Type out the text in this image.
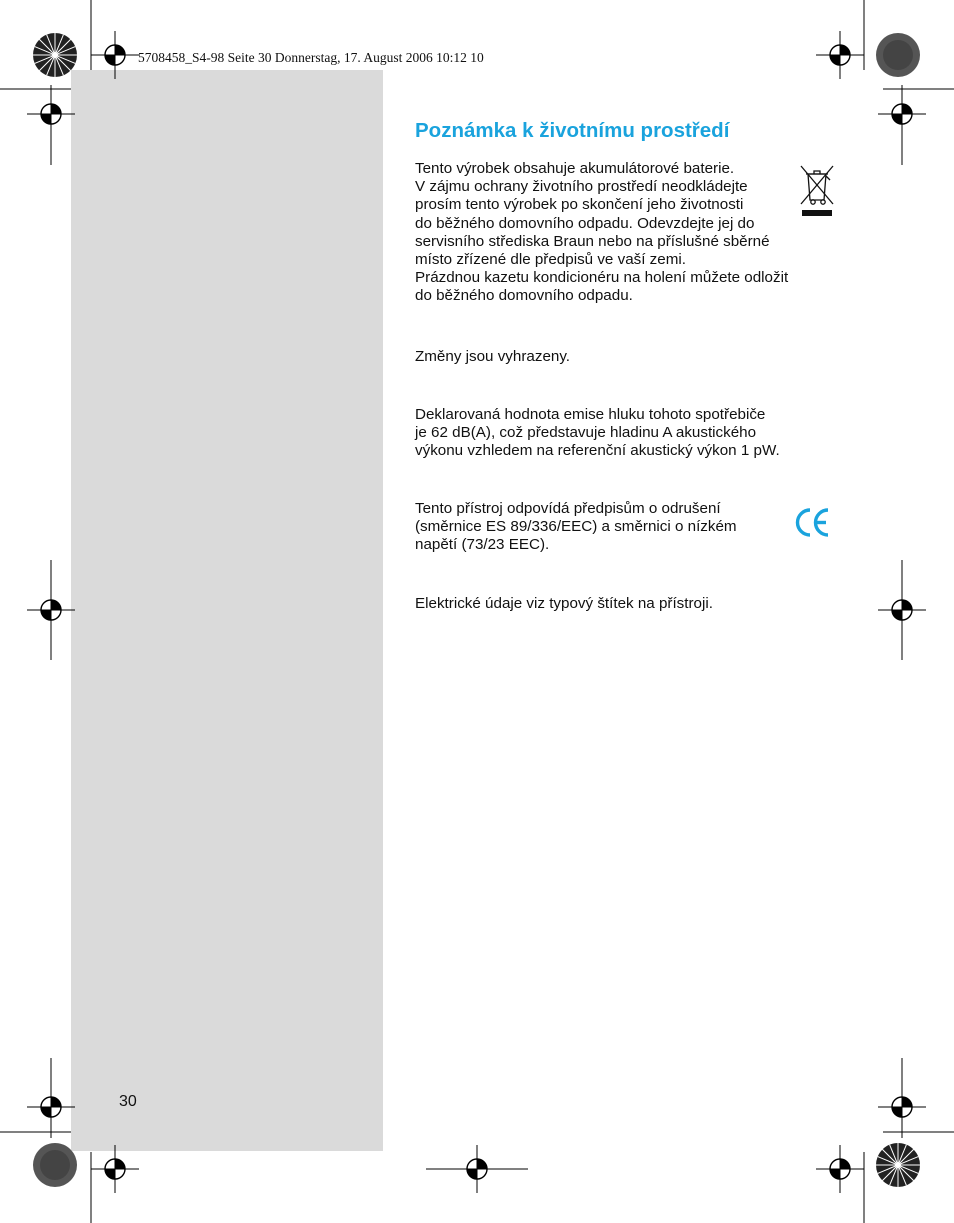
5708458_S4-98 Seite 30 Donnerstag, 17. August 2006 10:12 10
Poznámka k životnímu prostředí
Tento výrobek obsahuje akumulátorové baterie.
V zájmu ochrany životního prostředí neodkládejte
prosím tento výrobek po skončení jeho životnosti
do běžného domovního odpadu. Odevzdejte jej do
servisního střediska Braun nebo na příslušné sběrné
místo zřízené dle předpisů ve vaší zemi.
Prázdnou kazetu kondicionéru na holení můžete odložit
do běžného domovního odpadu.
Změny jsou vyhrazeny.
Deklarovaná hodnota emise hluku tohoto spotřebiče
je 62 dB(A), což představuje hladinu A akustického
výkonu vzhledem na referenční akustický výkon 1 pW.
Tento přístroj odpovídá předpisům o odrušení
(směrnice ES 89/336/EEC) a směrnici o nízkém
napětí (73/23 EEC).
Elektrické údaje viz typový štítek na přístroji.
30
